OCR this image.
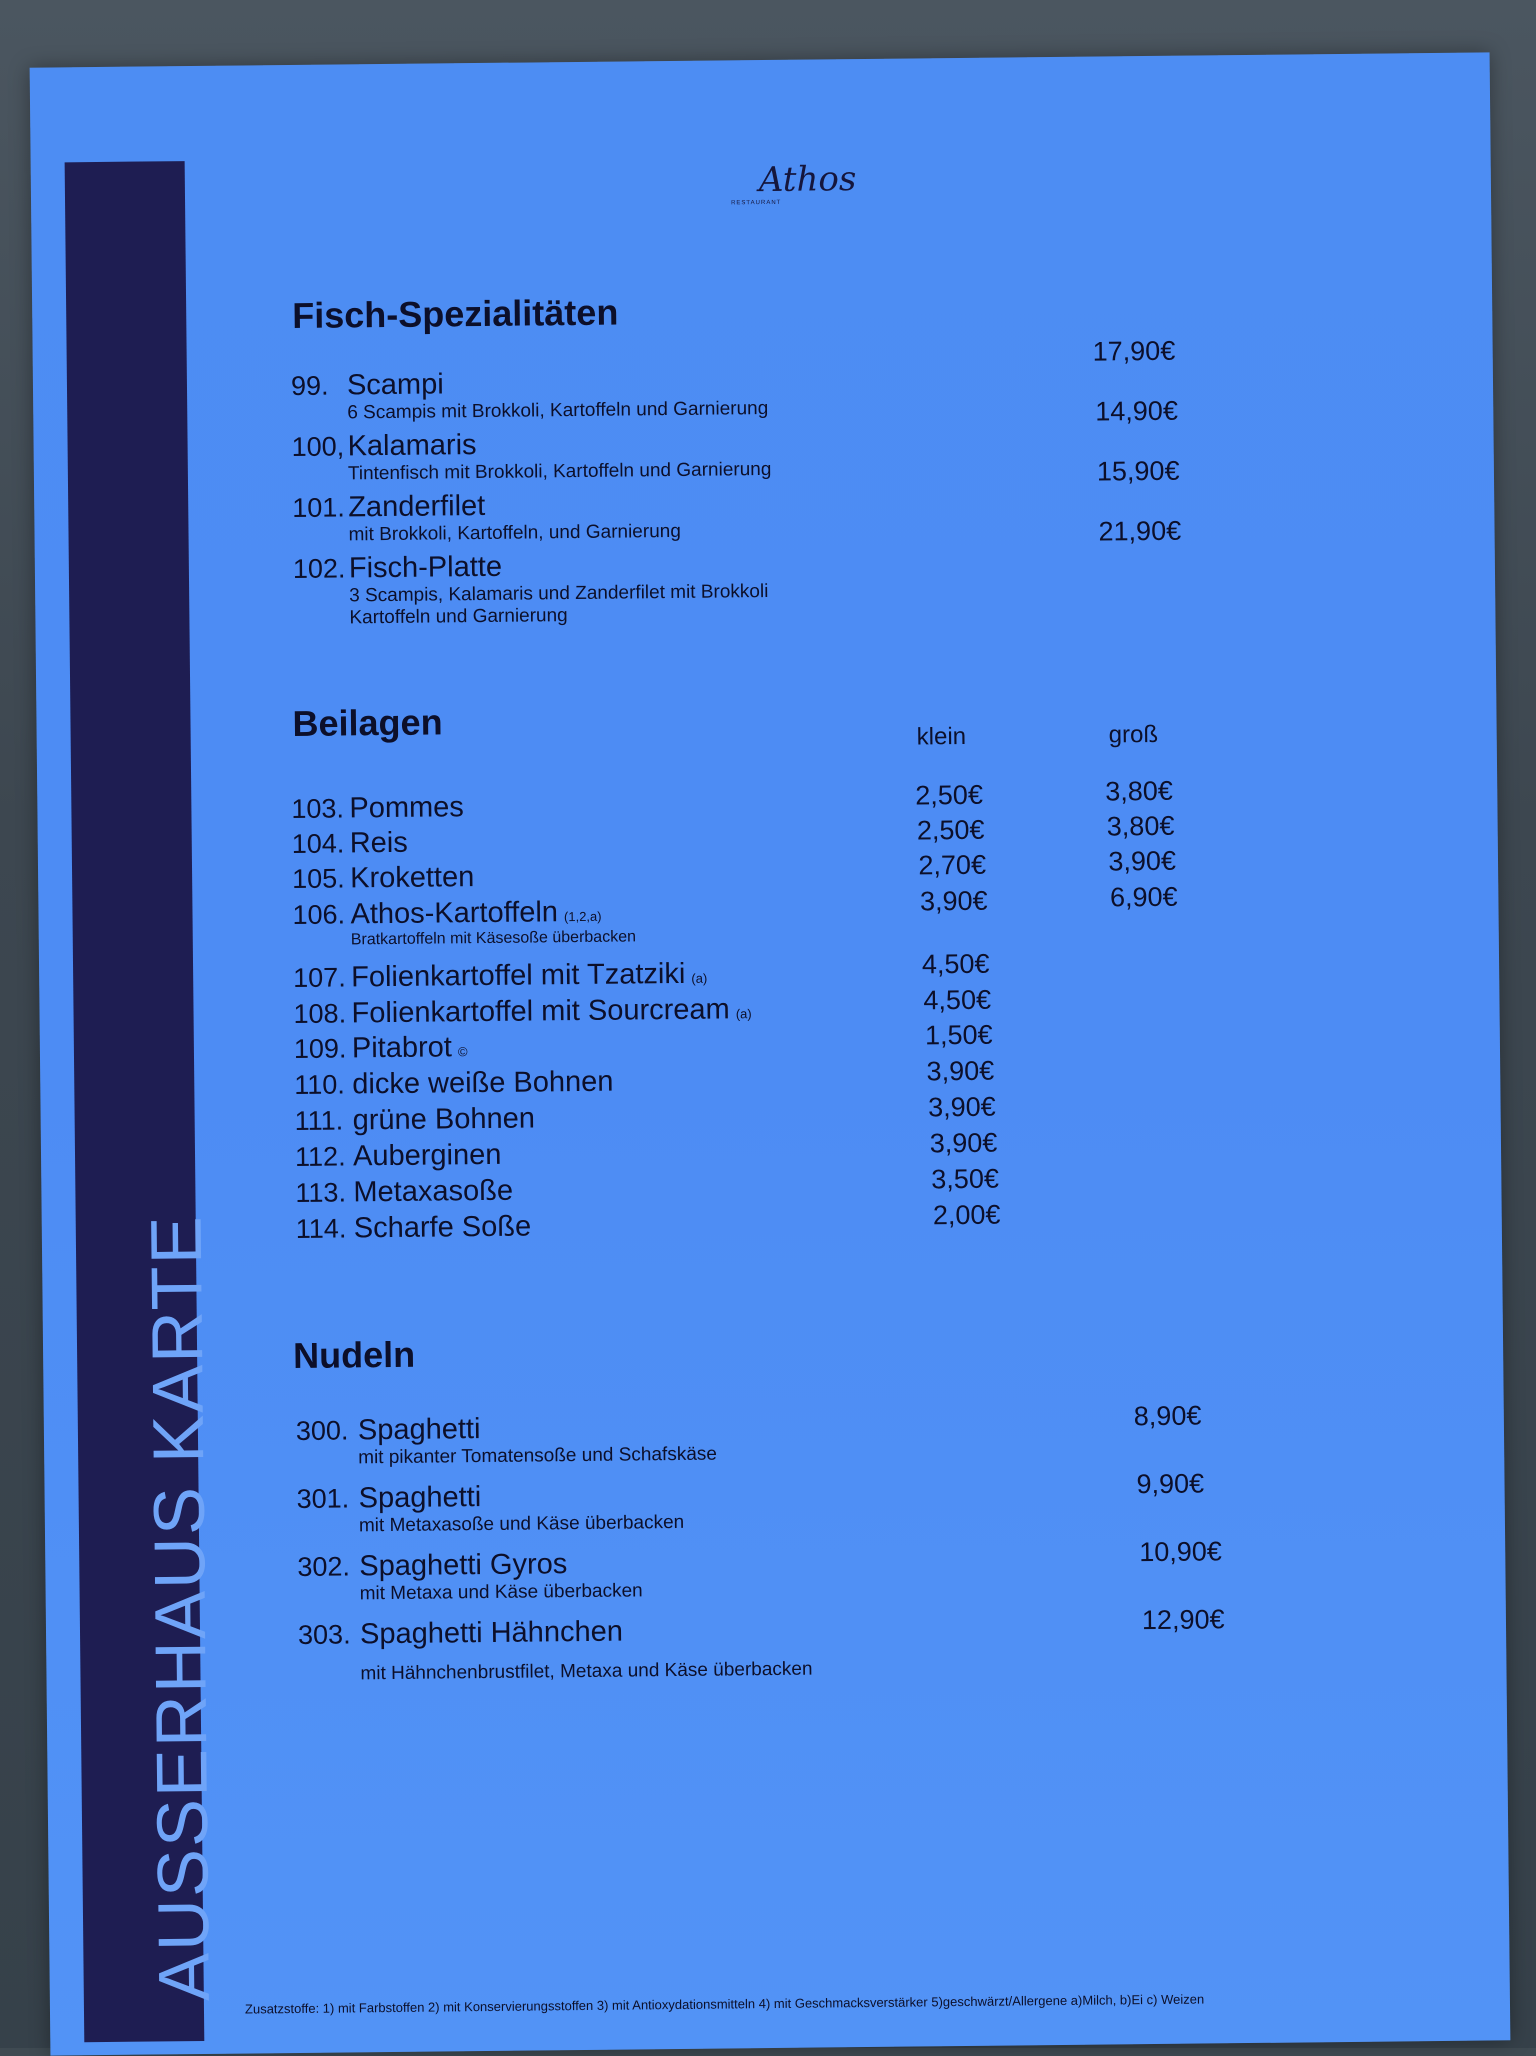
AUSSERHAUS KARTE
Athos
RESTAURANT
Fisch-Spezialitäten
99. Scampi
6 Scampis mit Brokkoli, Kartoffeln und Garnierung
17,90€
100, Kalamaris
Tintenfisch mit Brokkoli, Kartoffeln und Garnierung
14,90€
101. Zanderfilet
mit Brokkoli, Kartoffeln, und Garnierung
15,90€
102. Fisch-Platte
3 Scampis, Kalamaris und Zanderfilet mit Brokkoli
Kartoffeln und Garnierung
21,90€
Beilagen	klein	groß
103. Pommes	2,50€	3,80€
104. Reis	2,50€	3,80€
105. Kroketten	2,70€	3,90€
106. Athos-Kartoffeln (1,2,a)
Bratkartoffeln mit Käsesoße überbacken
3,90€	6,90€
107. Folienkartoffel mit Tzatziki (a)	4,50€
108. Folienkartoffel mit Sourcream (a)	4,50€
109. Pitabrot ©
1,50€
110. dicke weiße Bohnen	3,90€
111. grüne Bohnen	3,90€
112. Auberginen	3,90€
113. Metaxasoße	3,50€
114. Scharfe Soße	2,00€
Nudeln
300. Spaghetti
mit pikanter Tomatensoße und Schafskäse
8,90€
301. Spaghetti
mit Metaxasoße und Käse überbacken
9,90€
302. Spaghetti Gyros
mit Metaxa und Käse überbacken
10,90€
303. Spaghetti Hähnchen
mit Hähnchenbrustfilet, Metaxa und Käse überbacken
12,90€
Zusatzstoffe: 1) mit Farbstoffen 2) mit Konservierungsstoffen 3) mit Antioxydationsmitteln 4) mit Geschmacksverstärker 5)geschwärzt/Allergene a)Milch, b)Ei c) Weizen
